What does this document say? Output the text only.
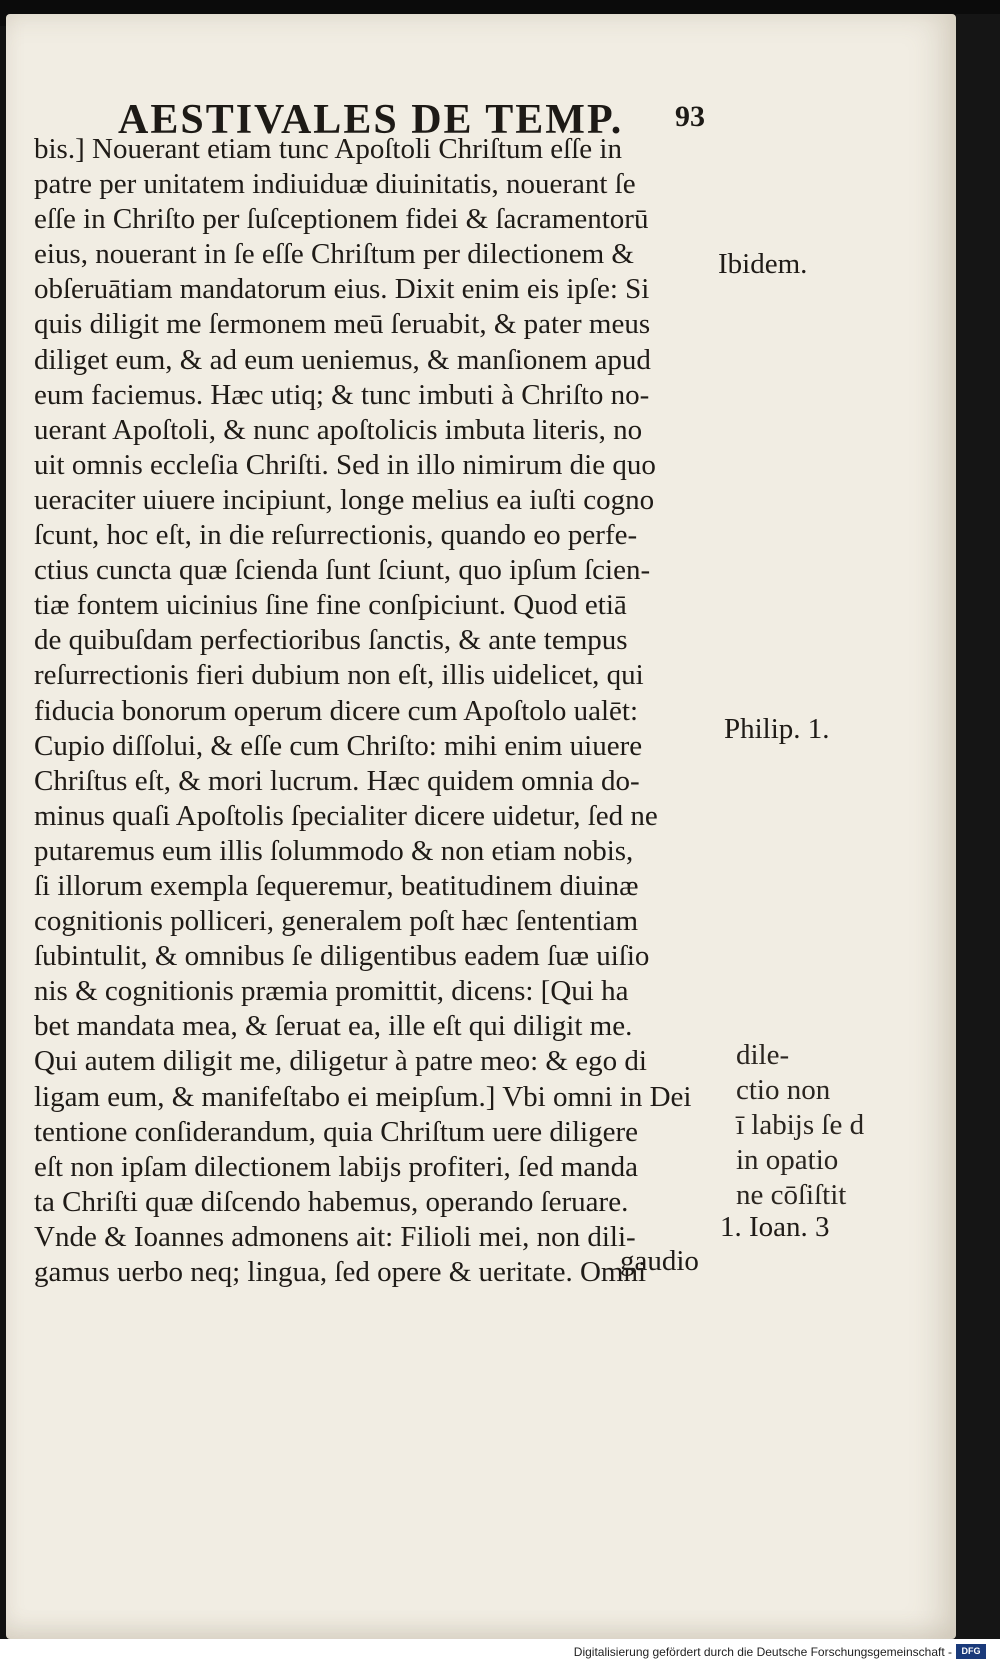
AESTIVALES DE TEMP.	93
bis.] Nouerant etiam tunc Apoſtoli Chriſtum eſſe in
patre per unitatem indiuiduæ diuinitatis, nouerant ſe
eſſe in Chriſto per ſuſceptionem fidei & ſacramentorū
eius, nouerant in ſe eſſe Chriſtum per dilectionem &
obſeruātiam mandatorum eius. Dixit enim eis ipſe: Si
quis diligit me ſermonem meū ſeruabit, & pater meus
diliget eum, & ad eum ueniemus, & manſionem apud
eum faciemus. Hæc utiq; & tunc imbuti à Chriſto no-
uerant Apoſtoli, & nunc apoſtolicis imbuta literis, no
uit omnis eccleſia Chriſti. Sed in illo nimirum die quo
ueraciter uiuere incipiunt, longe melius ea iuſti cogno
ſcunt, hoc eſt, in die reſurrectionis, quando eo perfe-
ctius cuncta quæ ſcienda ſunt ſciunt, quo ipſum ſcien-
tiæ fontem uicinius ſine fine conſpiciunt. Quod etiā
de quibuſdam perfectioribus ſanctis, & ante tempus
reſurrectionis fieri dubium non eſt, illis uidelicet, qui
fiducia bonorum operum dicere cum Apoſtolo ualēt:
Cupio diſſolui, & eſſe cum Chriſto: mihi enim uiuere
Chriſtus eſt, & mori lucrum. Hæc quidem omnia do-
minus quaſi Apoſtolis ſpecialiter dicere uidetur, ſed ne
putaremus eum illis ſolummodo & non etiam nobis,
ſi illorum exempla ſequeremur, beatitudinem diuinæ
cognitionis polliceri, generalem poſt hæc ſententiam
ſubintulit, & omnibus ſe diligentibus eadem ſuæ uiſio
nis & cognitionis præmia promittit, dicens: [Qui ha
bet mandata mea, & ſeruat ea, ille eſt qui diligit me.
Qui autem diligit me, diligetur à patre meo: & ego di
ligam eum, & manifeſtabo ei meipſum.] Vbi omni in Dei
tentione conſiderandum, quia Chriſtum uere diligere
eſt non ipſam dilectionem labijs profiteri, ſed manda
ta Chriſti quæ diſcendo habemus, operando ſeruare.
Vnde & Ioannes admonens ait: Filioli mei, non dili-
gamus uerbo neq; lingua, ſed opere & ueritate. Omni
gaudio
Ibidem.
Philip. 1.
dile-
ctio non
ī labijs ſe d
in opatio
ne cōſiſtit
1. Ioan. 3
Digitalisierung gefördert durch die Deutsche Forschungsgemeinschaft -	DFG
